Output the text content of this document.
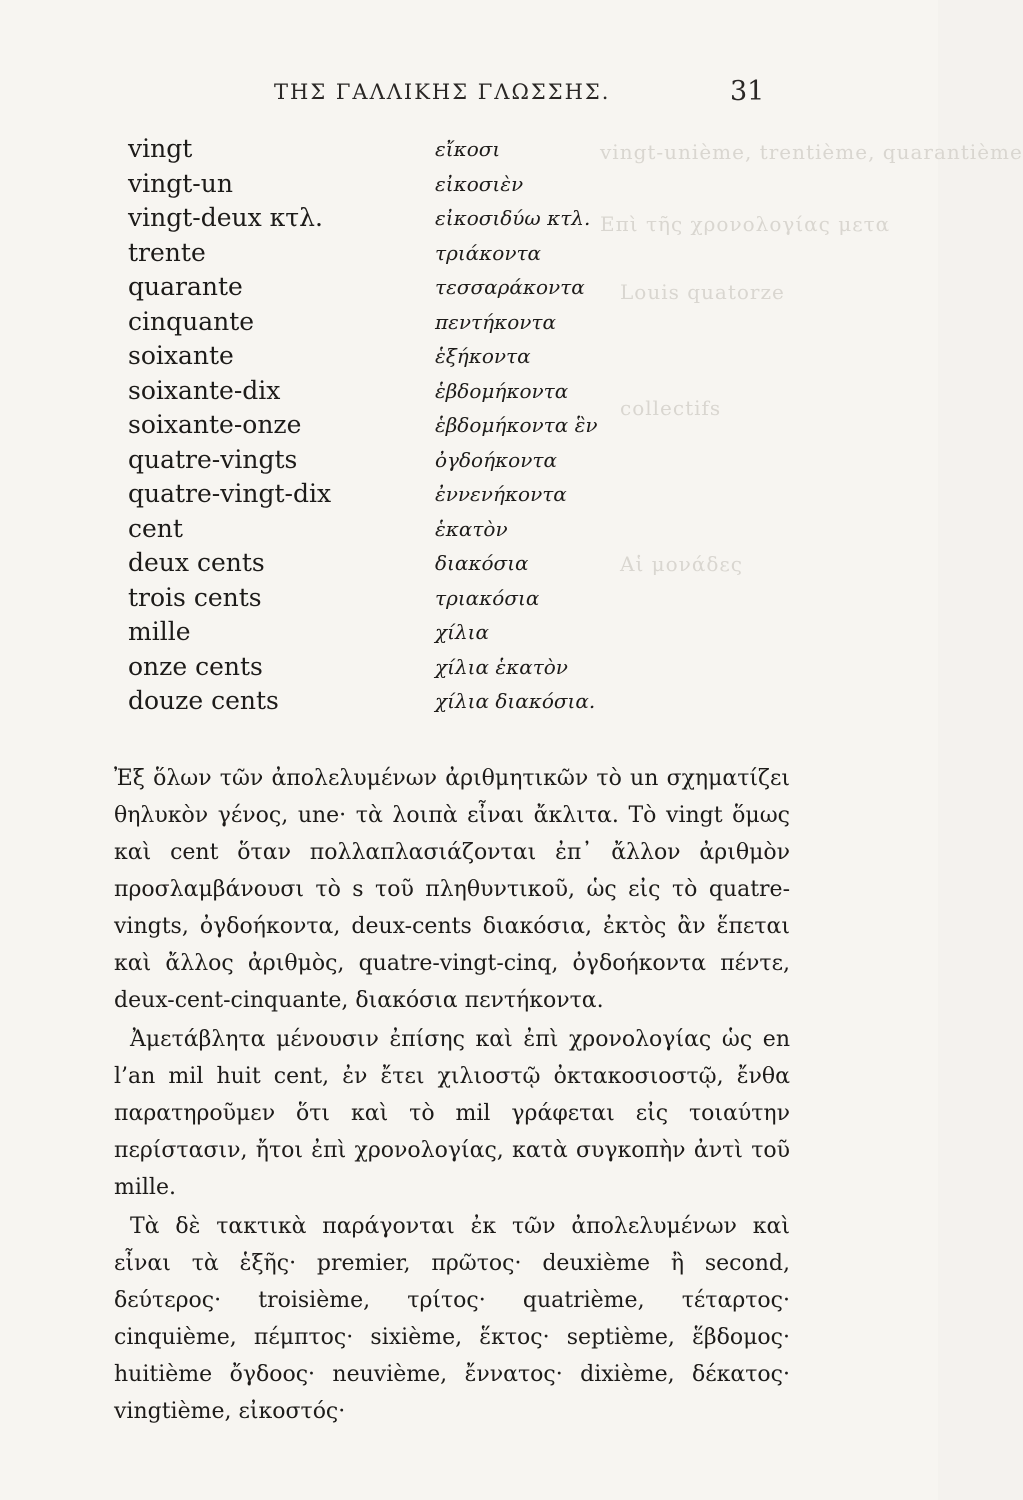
vingt-unième, trentième, quarantième
Επὶ τῆς χρονολογίας μετα
Louis quatorze
collectifs
Αἱ μονάδες
ΤΗΣ ΓΑΛΛΙΚΗΣ ΓΛΩΣΣΗΣ.	31
vingt	εἴκοσι
vingt-un	εἰκοσιὲν
vingt-deux κτλ.	εἰκοσιδύω κτλ.
trente	τριάκοντα
quarante	τεσσαράκοντα
cinquante	πεντήκοντα
soixante	ἑξήκοντα
soixante-dix	ἑβδομήκοντα
soixante-onze	ἑβδομήκοντα ἓν
quatre-vingts	ὀγδοήκοντα
quatre-vingt-dix	ἐννενήκοντα
cent	ἑκατὸν
deux cents	διακόσια
trois cents	τριακόσια
mille	χίλια
onze cents	χίλια ἑκατὸν
douze cents	χίλια διακόσια.

Ἐξ ὅλων τῶν ἀπολελυμένων ἀριθμητικῶν τὸ un σχηματίζει θηλυκὸν γένος, une· τὰ λοιπὰ εἶναι ἄκλιτα. Τὸ vingt ὅμως καὶ cent ὅταν πολλαπλασιάζονται ἐπ᾽ ἄλλον ἀριθμὸν προσλαμβάνουσι τὸ s τοῦ πληθυντικοῦ, ὡς εἰς τὸ quatre-vingts, ὀγδοήκοντα, deux-cents διακόσια, ἐκτὸς ἂν ἕπεται καὶ ἄλλος ἀριθμὸς, quatre-vingt-cinq, ὀγδοήκοντα πέντε, deux-cent-cinquante, διακόσια πεντήκοντα.

Ἀμετάβλητα μένουσιν ἐπίσης καὶ ἐπὶ χρονολογίας ὡς en l’an mil huit cent, ἐν ἔτει χιλιοστῷ ὀκτακοσιοστῷ, ἔνθα παρατηροῦμεν ὅτι καὶ τὸ mil γράφεται εἰς τοιαύτην περίστασιν, ἤτοι ἐπὶ χρονολογίας, κατὰ συγκοπὴν ἀντὶ τοῦ mille.

Τὰ δὲ τακτικὰ παράγονται ἐκ τῶν ἀπολελυμένων καὶ εἶναι τὰ ἑξῆς· premier, πρῶτος· deuxième ἢ second, δεύτερος· troisième, τρίτος· quatrième, τέταρτος· cinquième, πέμπτος· sixième, ἕκτος· septième, ἕβδομος· huitième ὄγδοος· neuvième, ἔννατος· dixième, δέκατος· vingtième, εἰκοστός·
